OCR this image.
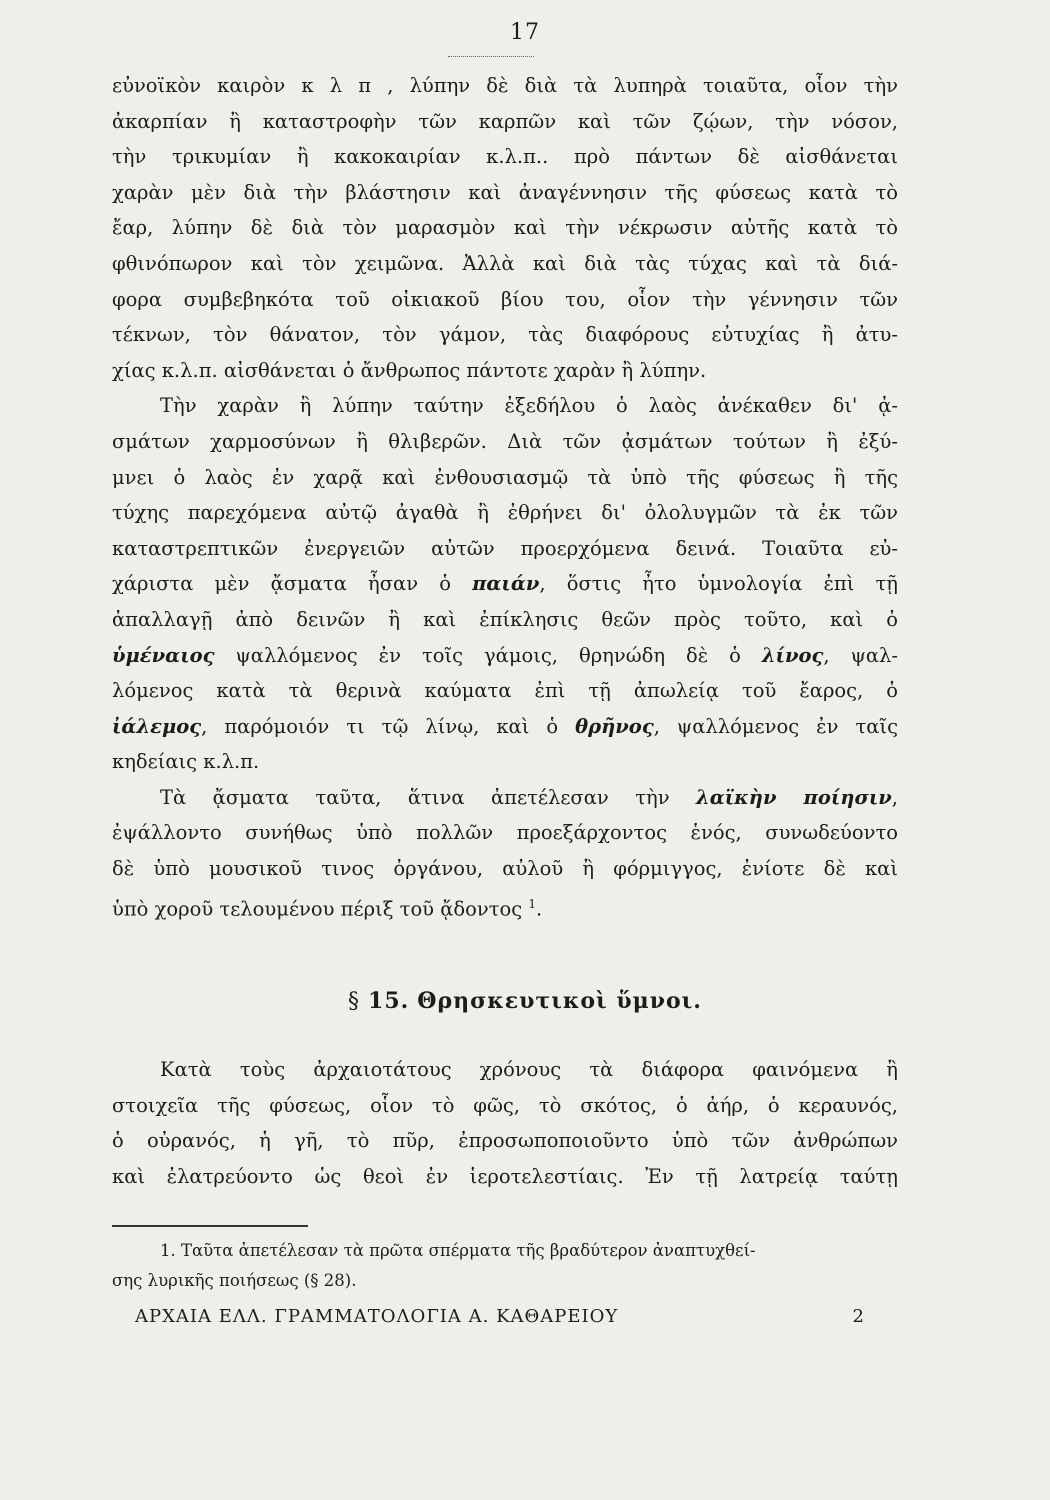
17
εὐνοϊκὸν καιρὸν κ λ π , λύπην δὲ διὰ τὰ λυπηρὰ τοιαῦτα, οἷον τὴν
ἀκαρπίαν ἢ καταστροφὴν τῶν καρπῶν καὶ τῶν ζῴων, τὴν νόσον,
τὴν τρικυμίαν ἢ κακοκαιρίαν κ.λ.π.. πρὸ πάντων δὲ αἰσθάνεται
χαρὰν μὲν διὰ τὴν βλάστησιν καὶ ἀναγέννησιν τῆς φύσεως κατὰ τὸ
ἔαρ, λύπην δὲ διὰ τὸν μαρασμὸν καὶ τὴν νέκρωσιν αὐτῆς κατὰ τὸ
φθινόπωρον καὶ τὸν χειμῶνα. Ἀλλὰ καὶ διὰ τὰς τύχας καὶ τὰ διά-
φορα συμβεβηκότα τοῦ οἰκιακοῦ βίου του, οἷον τὴν γέννησιν τῶν
τέκνων, τὸν θάνατον, τὸν γάμον, τὰς διαφόρους εὐτυχίας ἢ ἀτυ-
χίας κ.λ.π. αἰσθάνεται ὁ ἄνθρωπος πάντοτε χαρὰν ἢ λύπην.
Τὴν χαρὰν ἢ λύπην ταύτην ἐξεδήλου ὁ λαὸς ἀνέκαθεν δι' ᾀ-
σμάτων χαρμοσύνων ἢ θλιβερῶν. Διὰ τῶν ᾀσμάτων τούτων ἢ ἐξύ-
μνει ὁ λαὸς ἐν χαρᾷ καὶ ἐνθουσιασμῷ τὰ ὑπὸ τῆς φύσεως ἢ τῆς
τύχης παρεχόμενα αὐτῷ ἀγαθὰ ἢ ἐθρήνει δι' ὀλολυγμῶν τὰ ἐκ τῶν
καταστρεπτικῶν ἐνεργειῶν αὐτῶν προερχόμενα δεινά. Τοιαῦτα εὐ-
χάριστα μὲν ᾄσματα ἦσαν ὁ παιάν, ὅστις ἦτο ὑμνολογία ἐπὶ τῇ
ἀπαλλαγῇ ἀπὸ δεινῶν ἢ καὶ ἐπίκλησις θεῶν πρὸς τοῦτο, καὶ ὁ
ὑμέναιος ψαλλόμενος ἐν τοῖς γάμοις, θρηνώδη δὲ ὁ λίνος, ψαλ-
λόμενος κατὰ τὰ θερινὰ καύματα ἐπὶ τῇ ἀπωλείᾳ τοῦ ἔαρος, ὁ
ἰάλεμος, παρόμοιόν τι τῷ λίνῳ, καὶ ὁ θρῆνος, ψαλλόμενος ἐν ταῖς
κηδείαις κ.λ.π.
Τὰ ᾄσματα ταῦτα, ἅτινα ἀπετέλεσαν τὴν λαϊκὴν ποίησιν,
ἐψάλλοντο συνήθως ὑπὸ πολλῶν προεξάρχοντος ἑνός, συνωδεύοντο
δὲ ὑπὸ μουσικοῦ τινος ὀργάνου, αὐλοῦ ἢ φόρμιγγος, ἐνίοτε δὲ καὶ
ὑπὸ χοροῦ τελουμένου πέριξ τοῦ ᾄδοντος $^1$.
§ 15. Θρησκευτικοὶ ὕμνοι.
Κατὰ τοὺς ἀρχαιοτάτους χρόνους τὰ διάφορα φαινόμενα ἢ
στοιχεῖα τῆς φύσεως, οἷον τὸ φῶς, τὸ σκότος, ὁ ἀήρ, ὁ κεραυνός,
ὁ οὐρανός, ἡ γῆ, τὸ πῦρ, ἐπροσωποποιοῦντο ὑπὸ τῶν ἀνθρώπων
καὶ ἐλατρεύοντο ὡς θεοὶ ἐν ἱεροτελεστίαις. Ἐν τῇ λατρείᾳ ταύτῃ
1. Ταῦτα ἀπετέλεσαν τὰ πρῶτα σπέρματα τῆς βραδύτερον ἀναπτυχθεί-
σης λυρικῆς ποιήσεως (§ 28).
ΑΡΧΑΙΑ ΕΛΛ. ΓΡΑΜΜΑΤΟΛΟΓΙΑ Α. ΚΑΘΑΡΕΙΟΥ	2
